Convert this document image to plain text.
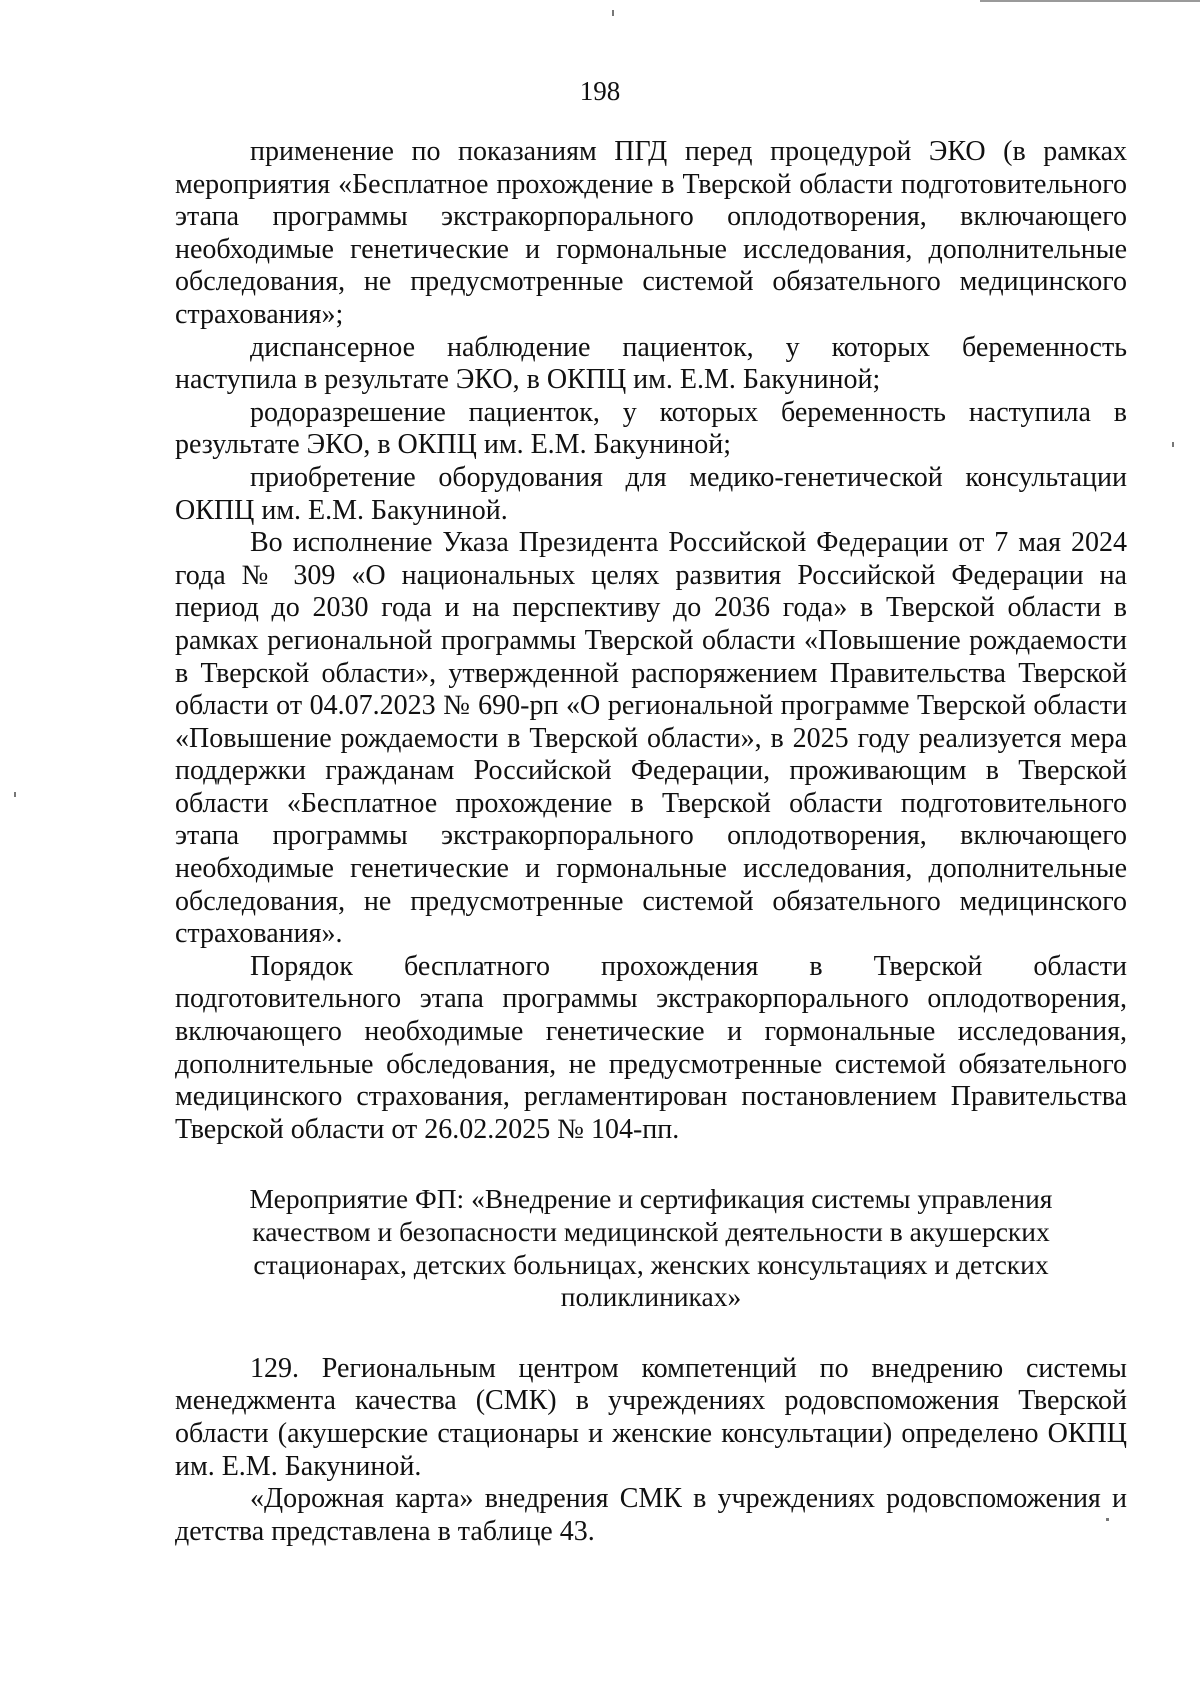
198

применение по показаниям ПГД перед процедурой ЭКО (в рамках мероприятия «Бесплатное прохождение в Тверской области подготовительного этапа программы экстракорпорального оплодотворения, включающего необходимые генетические и гормональные исследования, дополнительные обследования, не предусмотренные системой обязательного медицинского страхования»;

диспансерное наблюдение пациенток, у которых беременность наступила в результате ЭКО, в ОКПЦ им. Е.М. Бакуниной;

родоразрешение пациенток, у которых беременность наступила в результате ЭКО, в ОКПЦ им. Е.М. Бакуниной;

приобретение оборудования для медико-генетической консультации ОКПЦ им. Е.М. Бакуниной.

Во исполнение Указа Президента Российской Федерации от 7 мая 2024 года № 309 «О национальных целях развития Российской Федерации на период до 2030 года и на перспективу до 2036 года» в Тверской области в рамках региональной программы Тверской области «Повышение рождаемости в Тверской области», утвержденной распоряжением Правительства Тверской области от 04.07.2023 № 690-рп «О региональной программе Тверской области «Повышение рождаемости в Тверской области», в 2025 году реализуется мера поддержки гражданам Российской Федерации, проживающим в Тверской области «Бесплатное прохождение в Тверской области подготовительного этапа программы экстракорпорального оплодотворения, включающего необходимые генетические и гормональные исследования, дополнительные обследования, не предусмотренные системой обязательного медицинского страхования».

Порядок бесплатного прохождения в Тверской области подготовительного этапа программы экстракорпорального оплодотворения, включающего необходимые генетические и гормональные исследования, дополнительные обследования, не предусмотренные системой обязательного медицинского страхования, регламентирован постановлением Правительства Тверской области от 26.02.2025 № 104-пп.

Мероприятие ФП: «Внедрение и сертификация системы управления качеством и безопасности медицинской деятельности в акушерских стационарах, детских больницах, женских консультациях и детских поликлиниках»

129. Региональным центром компетенций по внедрению системы менеджмента качества (СМК) в учреждениях родовспоможения Тверской области (акушерские стационары и женские консультации) определено ОКПЦ им. Е.М. Бакуниной.

«Дорожная карта» внедрения СМК в учреждениях родовспоможения и детства представлена в таблице 43.
